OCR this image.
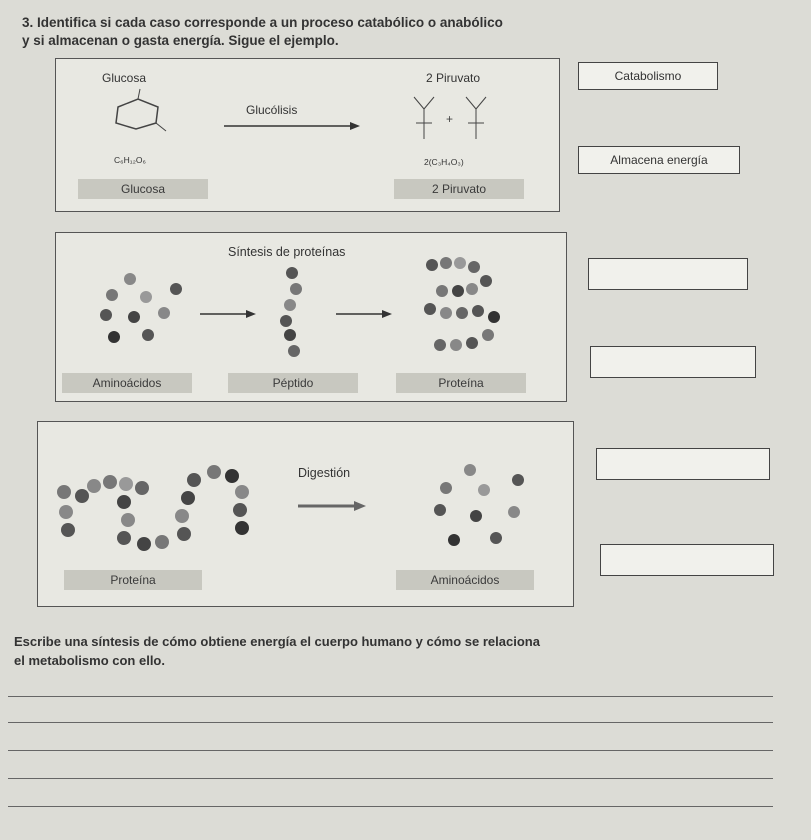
3. Identifica si cada caso corresponde a un proceso catabólico o anabólico
y si almacenan o gasta energía. Sigue el ejemplo.
Glucosa	2 Piruvato
Glucólisis
C₆H₁₂O₆	2(C₃H₄O₃)
Glucosa	2 Piruvato
+
Catabolismo
Almacena energía
Síntesis de proteínas
Aminoácidos	Péptido	Proteína
Digestión
Proteína	Aminoácidos
Escribe una síntesis de cómo obtiene energía el cuerpo humano y cómo se relaciona
el metabolismo con ello.
